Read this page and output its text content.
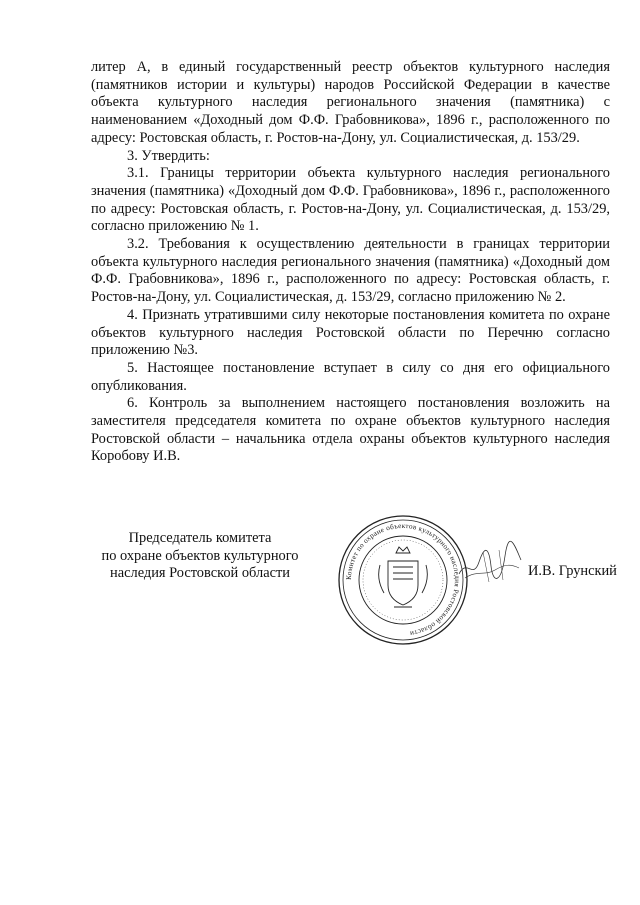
литер А, в единый государственный реестр объектов культурного наследия (памятников истории и культуры) народов Российской Федерации в качестве объекта культурного наследия регионального значения (памятника) с наименованием «Доходный дом Ф.Ф. Грабовникова», 1896 г., расположенного по адресу: Ростовская область, г. Ростов-на-Дону, ул. Социалистическая, д. 153/29.

3. Утвердить:

3.1. Границы территории объекта культурного наследия регионального значения (памятника) «Доходный дом Ф.Ф. Грабовникова», 1896 г., расположенного по адресу: Ростовская область, г. Ростов-на-Дону, ул. Социалистическая, д. 153/29, согласно приложению № 1.

3.2. Требования к осуществлению деятельности в границах территории объекта культурного наследия регионального значения (памятника) «Доходный дом Ф.Ф. Грабовникова», 1896 г., расположенного по адресу: Ростовская область, г. Ростов-на-Дону, ул. Социалистическая, д. 153/29, согласно приложению № 2.

4. Признать утратившими силу некоторые постановления комитета по охране объектов культурного наследия Ростовской области по Перечню согласно приложению №3.

5. Настоящее постановление вступает в силу со дня его официального опубликования.

6. Контроль за выполнением настоящего постановления возложить на заместителя председателя комитета по охране объектов культурного наследия Ростовской области – начальника отдела охраны объектов культурного наследия Коробову И.В.

Председатель комитета
по охране объектов культурного
наследия Ростовской области	Комитет по охране объектов культурного наследия Ростовской области
И.В. Грунский
